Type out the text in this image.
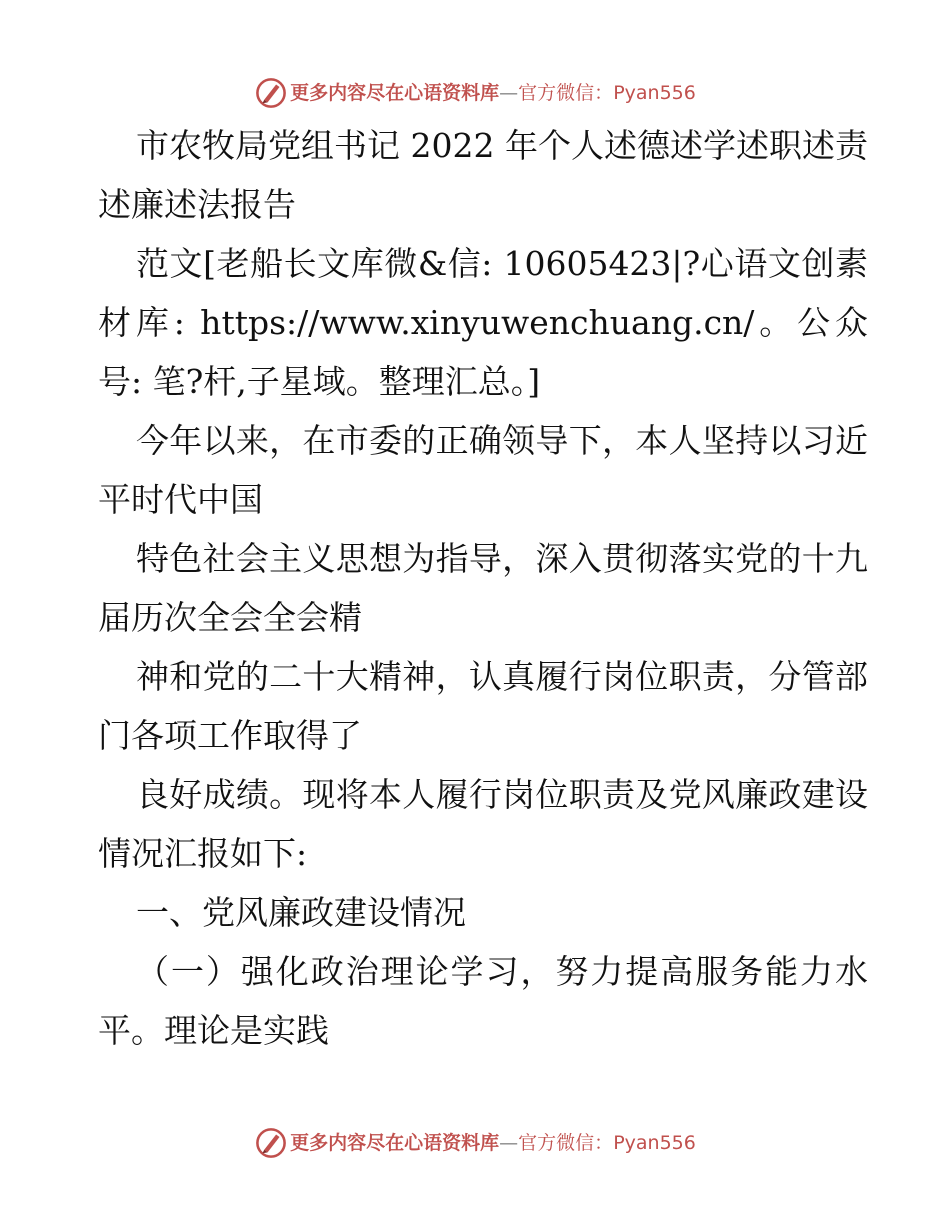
更多内容尽在心语资料库 — 官方微信： Pyan556

市农牧局党组书记 2022 年个人述德述学述职述责述廉述法报告

范文[老船长文库微&信: 10605423|?心语文创素材库: https://www.xinyuwenchuang.cn/。公众号: 笔?杆,子星域。整理汇总。]

今年以来，在市委的正确领导下，本人坚持以习近平时代中国

特色社会主义思想为指导，深入贯彻落实党的十九届历次全会全会精

神和党的二十大精神，认真履行岗位职责，分管部门各项工作取得了

良好成绩。现将本人履行岗位职责及党风廉政建设情况汇报如下:

一、党风廉政建设情况

（一）强化政治理论学习，努力提高服务能力水平。理论是实践

更多内容尽在心语资料库 — 官方微信： Pyan556
